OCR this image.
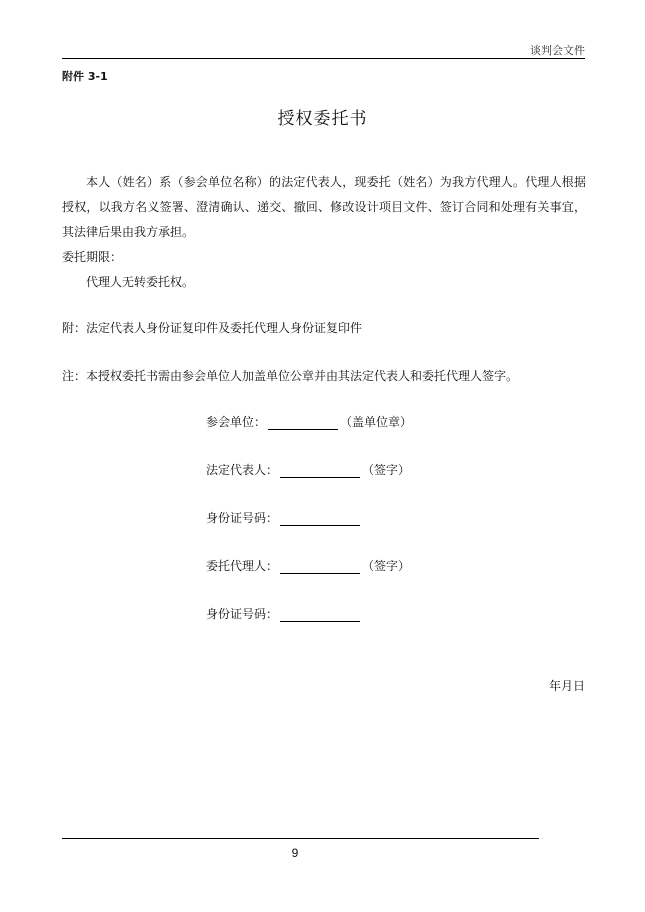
谈判会文件
附件 3-1
授权委托书

本人（姓名）系（参会单位名称）的法定代表人，现委托（姓名）为我方代理人。代理人根据授权，以我方名义签署、澄清确认、递交、撤回、修改设计项目文件、签订合同和处理有关事宜，其法律后果由我方承担。

委托期限：

代理人无转委托权。

附：法定代表人身份证复印件及委托代理人身份证复印件
注：本授权委托书需由参会单位人加盖单位公章并由其法定代表人和委托代理人签字。
参会单位：	（盖单位章）
法定代表人：	（签字）
身份证号码：
委托代理人：	（签字）
身份证号码：
年月日
9
